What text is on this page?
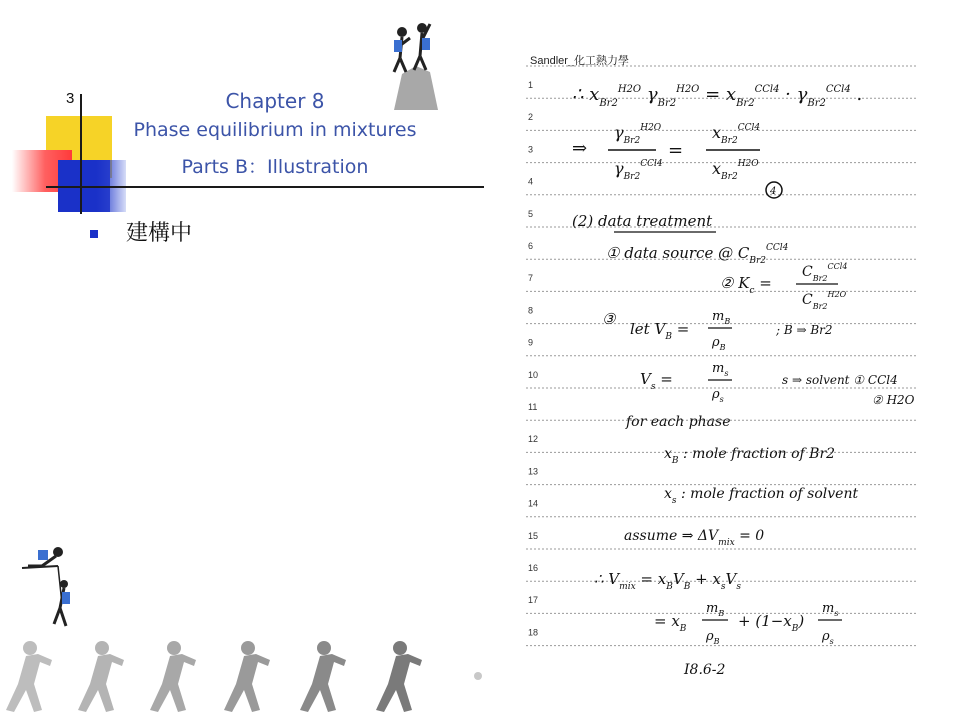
3	Chapter 8
Phase equilibrium in mixtures
Parts B：Illustration
建構中
Sandler_化工熱力學
1
2
3
4
5
6
7
8
9
10
11
12
13
14
15
16
17
18
∴ $x_{Br2}^{H2O}$ $\gamma_{Br2}^{H2O} = x_{Br2}^{CCl4} \cdot \gamma_{Br2}^{CCl4}$ .
⇒
$\gamma_{Br2}^{H2O}$
$\gamma_{Br2}^{CCl4}$
=
$x_{Br2}^{CCl4}$
$x_{Br2}^{H2O}$
4
(2) data treatment
① data source @ $C_{Br2}^{CCl4}$
② $K_c$ =
$C_{Br2}^{CCl4}$
$C_{Br2}^{H2O}$
③
let $V_B$ =
$m_B$
$\rho_B$
; B ⇒ Br2
$V_s$ =
$m_s$
$\rho_s$
s ⇒ solvent ① CCl4
② H2O
for each phase
$x_B$ : mole fraction of Br2
$x_s$ : mole fraction of solvent
assume ⇒ $\Delta V_{mix} = 0$
∴ $V_{mix} = x_BV_B + x_sV_s$
= $x_B$
$m_B$
$\rho_B$
+ $(1-x_B)$
$m_s$
$\rho_s$
I8.6-2
